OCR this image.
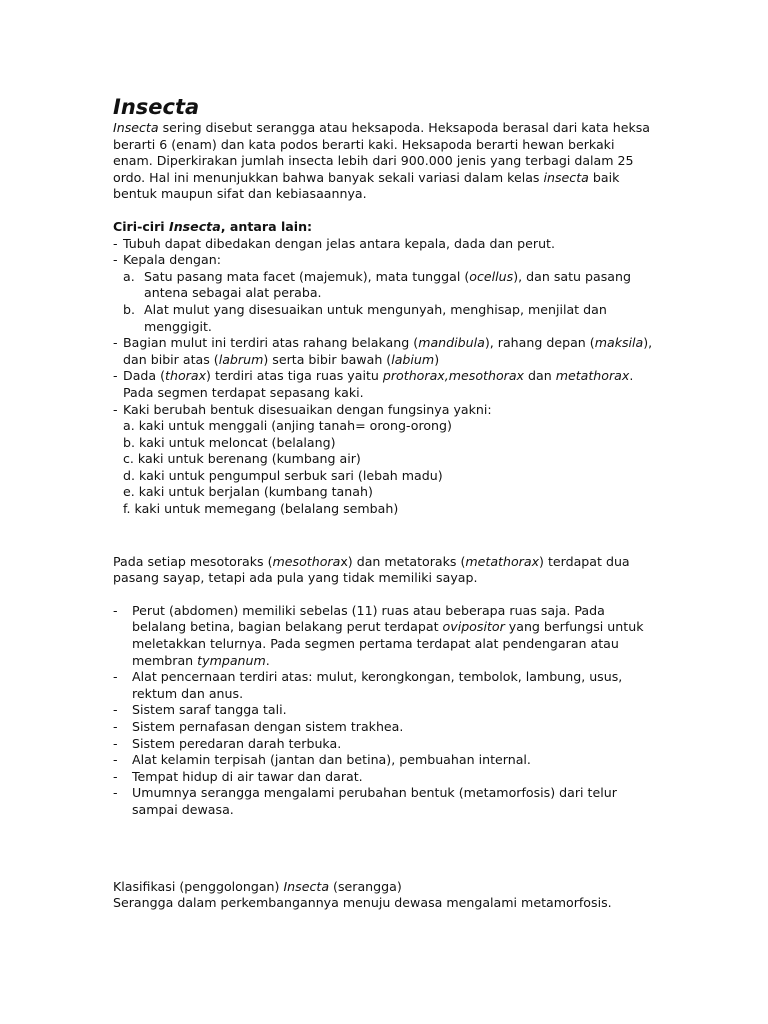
Insecta

Insecta sering disebut serangga atau heksapoda. Heksapoda berasal dari kata heksa berarti 6 (enam) dan kata podos berarti kaki. Heksapoda berarti hewan berkaki enam. Diperkirakan jumlah insecta lebih dari 900.000 jenis yang terbagi dalam 25 ordo. Hal ini menunjukkan bahwa banyak sekali variasi dalam kelas insecta baik bentuk maupun sifat dan kebiasaannya.

Ciri-ciri Insecta, antara lain:

- Tubuh dapat dibedakan dengan jelas antara kepala, dada dan perut.
- Kepala dengan:
a. Satu pasang mata facet (majemuk), mata tunggal (ocellus), dan satu pasang antena sebagai alat peraba.
b. Alat mulut yang disesuaikan untuk mengunyah, menghisap, menjilat dan menggigit.
- Bagian mulut ini terdiri atas rahang belakang (mandibula), rahang depan (maksila), dan bibir atas (labrum) serta bibir bawah (labium)
- Dada (thorax) terdiri atas tiga ruas yaitu prothorax,mesothorax dan metathorax. Pada segmen terdapat sepasang kaki.
- Kaki berubah bentuk disesuaikan dengan fungsinya yakni:
a. kaki untuk menggali (anjing tanah= orong-orong)
b. kaki untuk meloncat (belalang)
c. kaki untuk berenang (kumbang air)
d. kaki untuk pengumpul serbuk sari (lebah madu)
e. kaki untuk berjalan (kumbang tanah)
f. kaki untuk memegang (belalang sembah)

Pada setiap mesotoraks (mesothorax) dan metatoraks (metathorax) terdapat dua pasang sayap, tetapi ada pula yang tidak memiliki sayap.

- Perut (abdomen) memiliki sebelas (11) ruas atau beberapa ruas saja. Pada belalang betina, bagian belakang perut terdapat ovipositor yang berfungsi untuk meletakkan telurnya. Pada segmen pertama terdapat alat pendengaran atau membran tympanum.
- Alat pencernaan terdiri atas: mulut, kerongkongan, tembolok, lambung, usus, rektum dan anus.
- Sistem saraf tangga tali.
- Sistem pernafasan dengan sistem trakhea.
- Sistem peredaran darah terbuka.
- Alat kelamin terpisah (jantan dan betina), pembuahan internal.
- Tempat hidup di air tawar dan darat.
- Umumnya serangga mengalami perubahan bentuk (metamorfosis) dari telur sampai dewasa.

Klasifikasi (penggolongan) Insecta (serangga)

Serangga dalam perkembangannya menuju dewasa mengalami metamorfosis.
